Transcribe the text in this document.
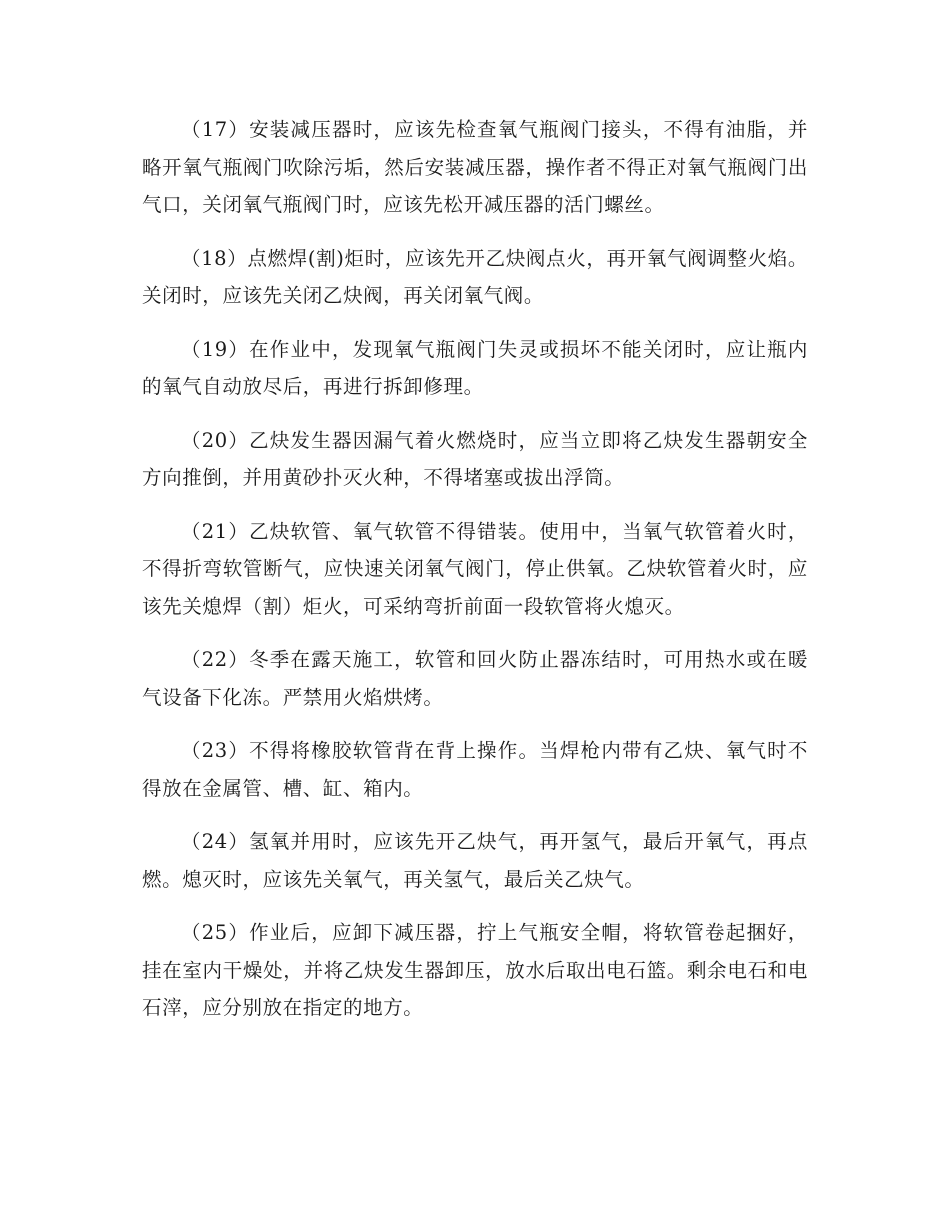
（17）安装减压器时，应该先检查氧气瓶阀门接头，不得有油脂，并略开氧气瓶阀门吹除污垢，然后安装减压器，操作者不得正对氧气瓶阀门出气口，关闭氧气瓶阀门时，应该先松开减压器的活门螺丝。

（18）点燃焊(割)炬时，应该先开乙炔阀点火，再开氧气阀调整火焰。关闭时，应该先关闭乙炔阀，再关闭氧气阀。

（19）在作业中，发现氧气瓶阀门失灵或损坏不能关闭时，应让瓶内的氧气自动放尽后，再进行拆卸修理。

（20）乙炔发生器因漏气着火燃烧时，应当立即将乙炔发生器朝安全方向推倒，并用黄砂扑灭火种，不得堵塞或拔出浮筒。

（21）乙炔软管、氧气软管不得错装。使用中，当氧气软管着火时，不得折弯软管断气，应快速关闭氧气阀门，停止供氧。乙炔软管着火时，应该先关熄焊（割）炬火，可采纳弯折前面一段软管将火熄灭。

（22）冬季在露天施工，软管和回火防止器冻结时，可用热水或在暖气设备下化冻。严禁用火焰烘烤。

（23）不得将橡胶软管背在背上操作。当焊枪内带有乙炔、氧气时不得放在金属管、槽、缸、箱内。

（24）氢氧并用时，应该先开乙炔气，再开氢气，最后开氧气，再点燃。熄灭时，应该先关氧气，再关氢气，最后关乙炔气。

（25）作业后，应卸下减压器，拧上气瓶安全帽，将软管卷起捆好，挂在室内干燥处，并将乙炔发生器卸压，放水后取出电石篮。剩余电石和电石滓，应分别放在指定的地方。
